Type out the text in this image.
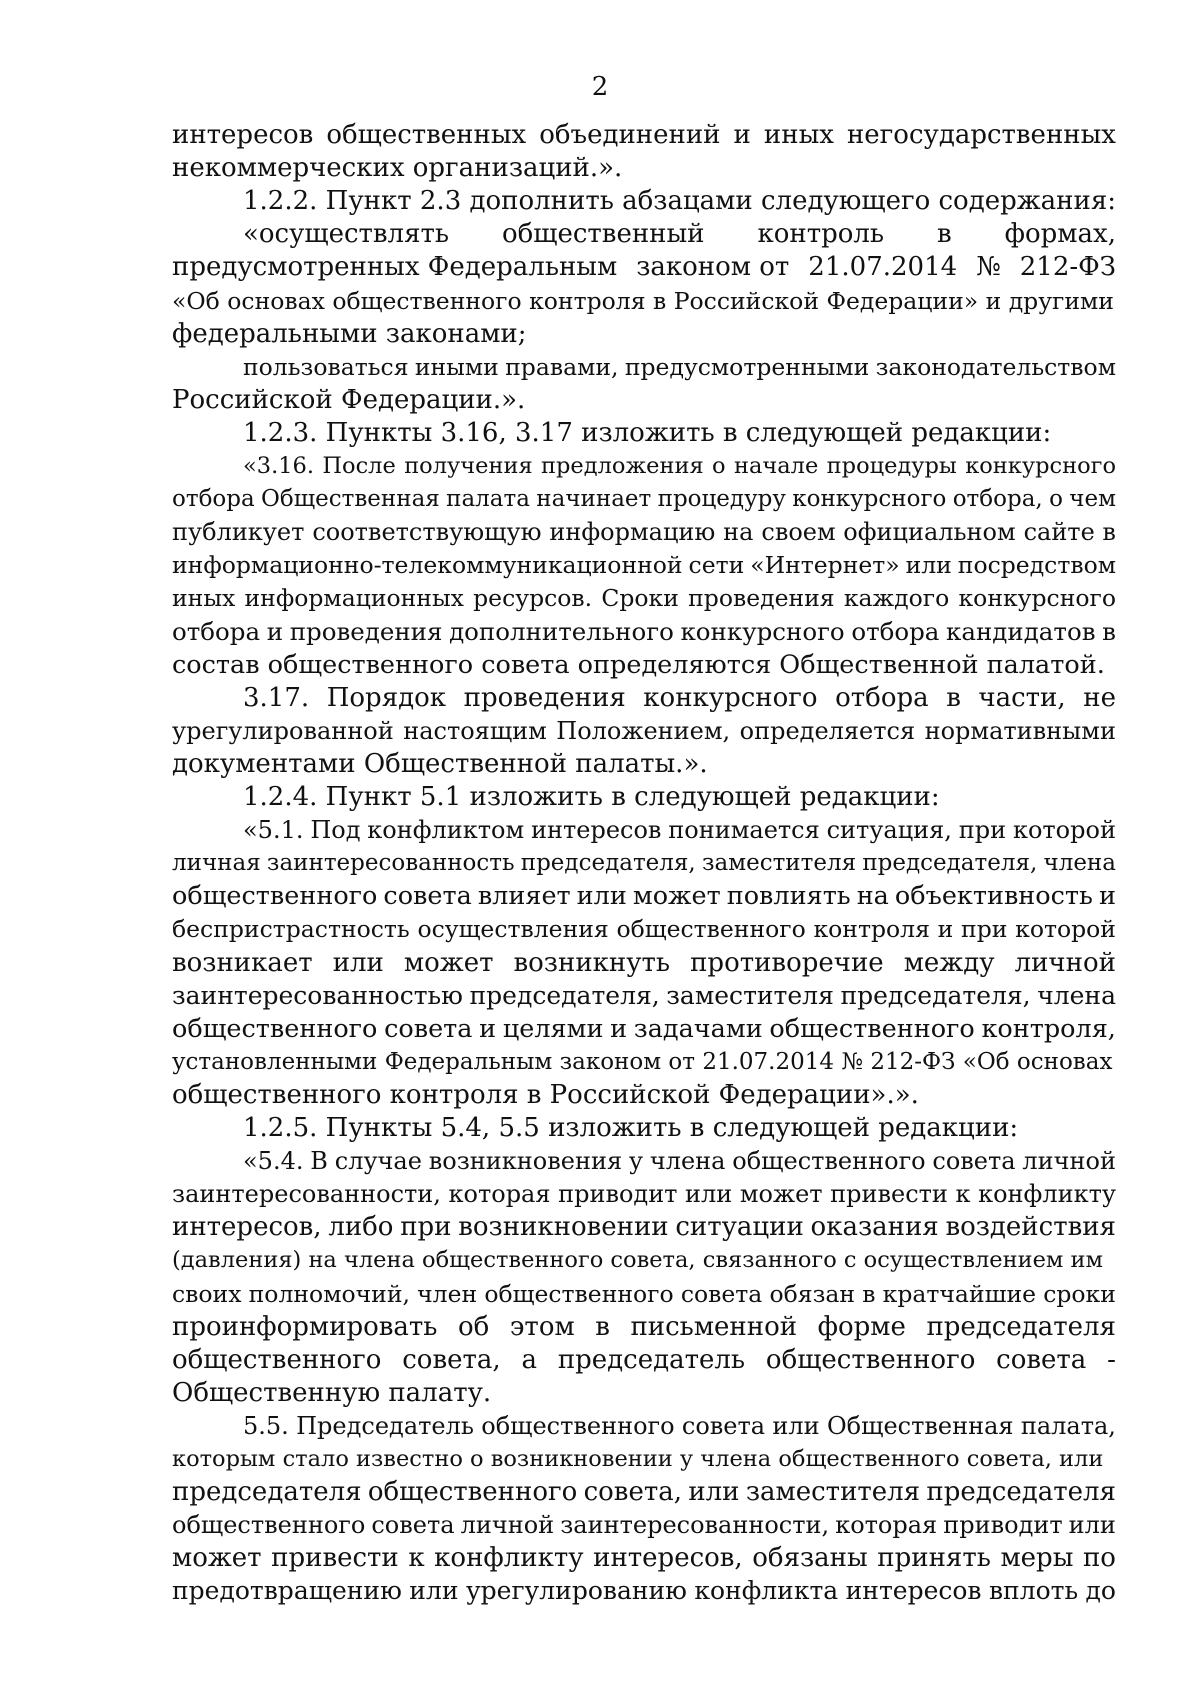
2
интересов общественных объединений и иных негосударственных
некоммерческих организаций.».
1.2.2. Пункт 2.3 дополнить абзацами следующего содержания:
«осуществлять общественный контроль в формах,
предусмотренных Федеральным законом от 21.07.2014 № 212-ФЗ
«Об основах общественного контроля в Российской Федерации» и другими
федеральными законами;
пользоваться иными правами, предусмотренными законодательством
Российской Федерации.».
1.2.3. Пункты 3.16, 3.17 изложить в следующей редакции:
«3.16. После получения предложения о начале процедуры конкурсного
отбора Общественная палата начинает процедуру конкурсного отбора, о чем
публикует соответствующую информацию на своем официальном сайте в
информационно-телекоммуникационной сети «Интернет» или посредством
иных информационных ресурсов. Сроки проведения каждого конкурсного
отбора и проведения дополнительного конкурсного отбора кандидатов в
состав общественного совета определяются Общественной палатой.
3.17. Порядок проведения конкурсного отбора в части, не
урегулированной настоящим Положением, определяется нормативными
документами Общественной палаты.».
1.2.4. Пункт 5.1 изложить в следующей редакции:
«5.1. Под конфликтом интересов понимается ситуация, при которой
личная заинтересованность председателя, заместителя председателя, члена
общественного совета влияет или может повлиять на объективность и
беспристрастность осуществления общественного контроля и при которой
возникает или может возникнуть противоречие между личной
заинтересованностью председателя, заместителя председателя, члена
общественного совета и целями и задачами общественного контроля,
установленными Федеральным законом от 21.07.2014 № 212-ФЗ «Об основах
общественного контроля в Российской Федерации».».
1.2.5. Пункты 5.4, 5.5 изложить в следующей редакции:
«5.4. В случае возникновения у члена общественного совета личной
заинтересованности, которая приводит или может привести к конфликту
интересов, либо при возникновении ситуации оказания воздействия
(давления) на члена общественного совета, связанного с осуществлением им
своих полномочий, член общественного совета обязан в кратчайшие сроки
проинформировать об этом в письменной форме председателя
общественного совета, а председатель общественного совета -
Общественную палату.
5.5. Председатель общественного совета или Общественная палата,
которым стало известно о возникновении у члена общественного совета, или
председателя общественного совета, или заместителя председателя
общественного совета личной заинтересованности, которая приводит или
может привести к конфликту интересов, обязаны принять меры по
предотвращению или урегулированию конфликта интересов вплоть до
